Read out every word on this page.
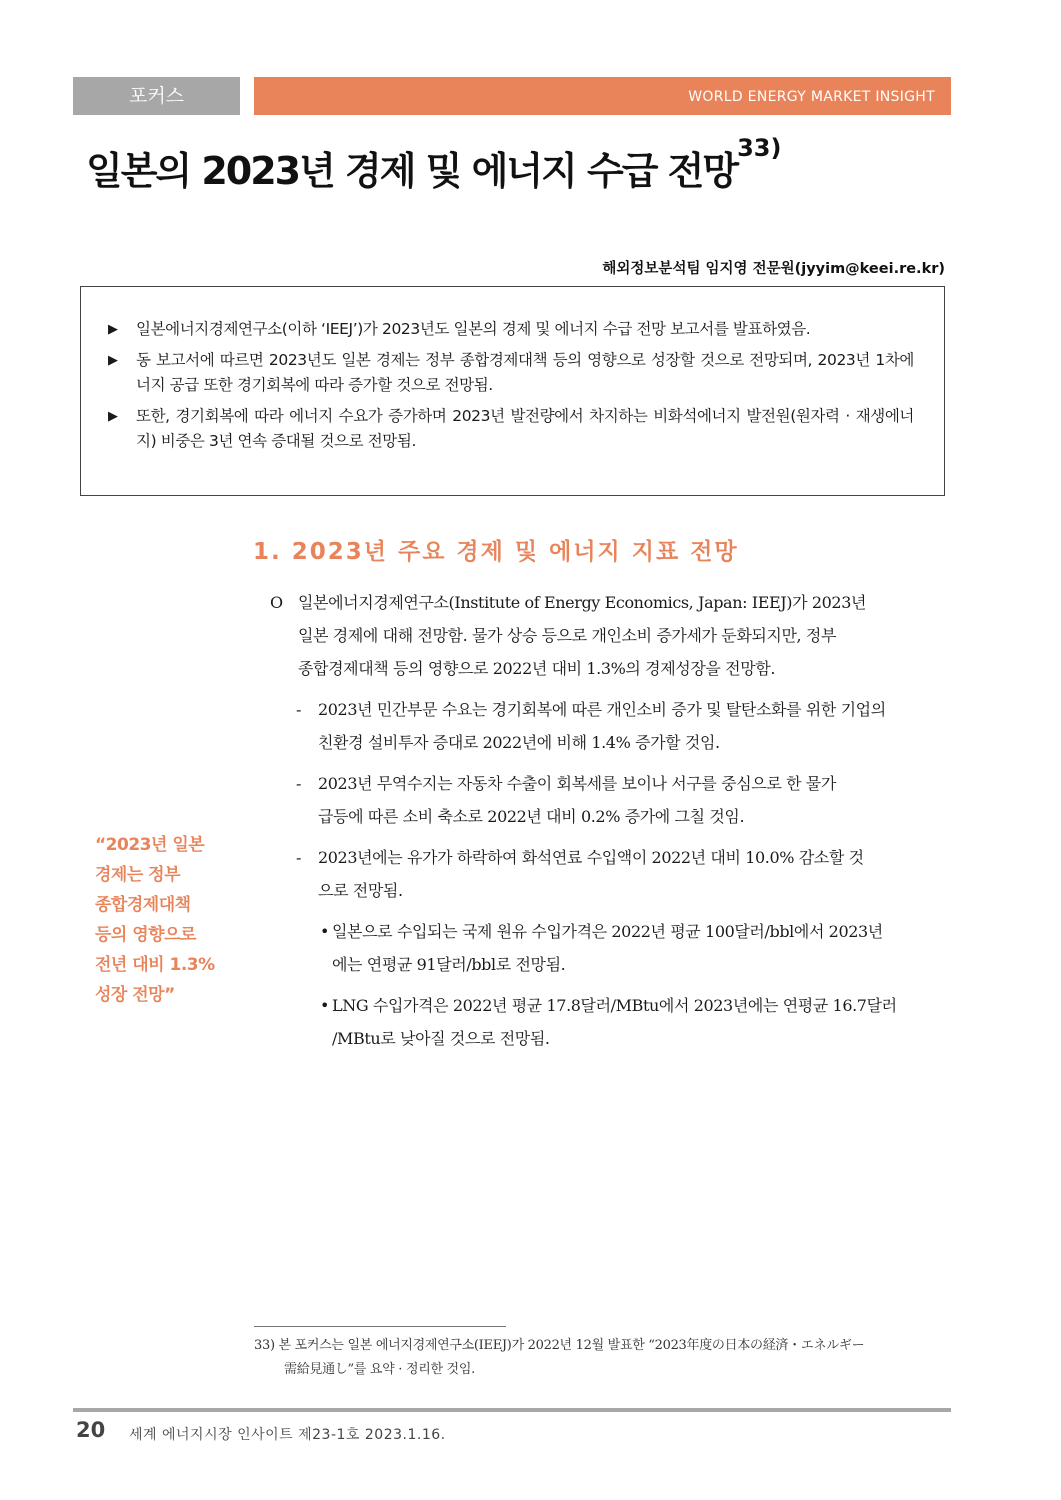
포커스	WORLD ENERGY MARKET INSIGHT
일본의 2023년 경제 및 에너지 수급 전망$^{33)}$
해외정보분석팀 임지영 전문원(jyyim@keei.re.kr)
▶	일본에너지경제연구소(이하 ‘IEEJ’)가 2023년도 일본의 경제 및 에너지 수급 전망 보고서를 발표하였음.
▶	동 보고서에 따르면 2023년도 일본 경제는 정부 종합경제대책 등의 영향으로 성장할 것으로 전망되며, 2023년 1차에너지 공급 또한 경기회복에 따라 증가할 것으로 전망됨.
▶	또한, 경기회복에 따라 에너지 수요가 증가하며 2023년 발전량에서 차지하는 비화석에너지 발전원(원자력 · 재생에너지) 비중은 3년 연속 증대될 것으로 전망됨.
1. 2023년 주요 경제 및 에너지 지표 전망
O 일본에너지경제연구소(Institute of Energy Economics, Japan: IEEJ)가 2023년
일본 경제에 대해 전망함. 물가 상승 등으로 개인소비 증가세가 둔화되지만, 정부
종합경제대책 등의 영향으로 2022년 대비 1.3%의 경제성장을 전망함.
- 2023년 민간부문 수요는 경기회복에 따른 개인소비 증가 및 탈탄소화를 위한 기업의
친환경 설비투자 증대로 2022년에 비해 1.4% 증가할 것임.
- 2023년 무역수지는 자동차 수출이 회복세를 보이나 서구를 중심으로 한 물가
급등에 따른 소비 축소로 2022년 대비 0.2% 증가에 그칠 것임.
- 2023년에는 유가가 하락하여 화석연료 수입액이 2022년 대비 10.0% 감소할 것
으로 전망됨.
• 일본으로 수입되는 국제 원유 수입가격은 2022년 평균 100달러/bbl에서 2023년
에는 연평균 91달러/bbl로 전망됨.
• LNG 수입가격은 2022년 평균 17.8달러/MBtu에서 2023년에는 연평균 16.7달러
/MBtu로 낮아질 것으로 전망됨.
“2023년 일본
경제는 정부
종합경제대책
등의 영향으로
전년 대비 1.3%
성장 전망”
33) 본 포커스는 일본 에너지경제연구소(IEEJ)가 2022년 12월 발표한 “2023年度の日本の経済・エネルギー
需給見通し”를 요약 · 정리한 것임.
20 세계 에너지시장 인사이트 제23-1호 2023.1.16.
